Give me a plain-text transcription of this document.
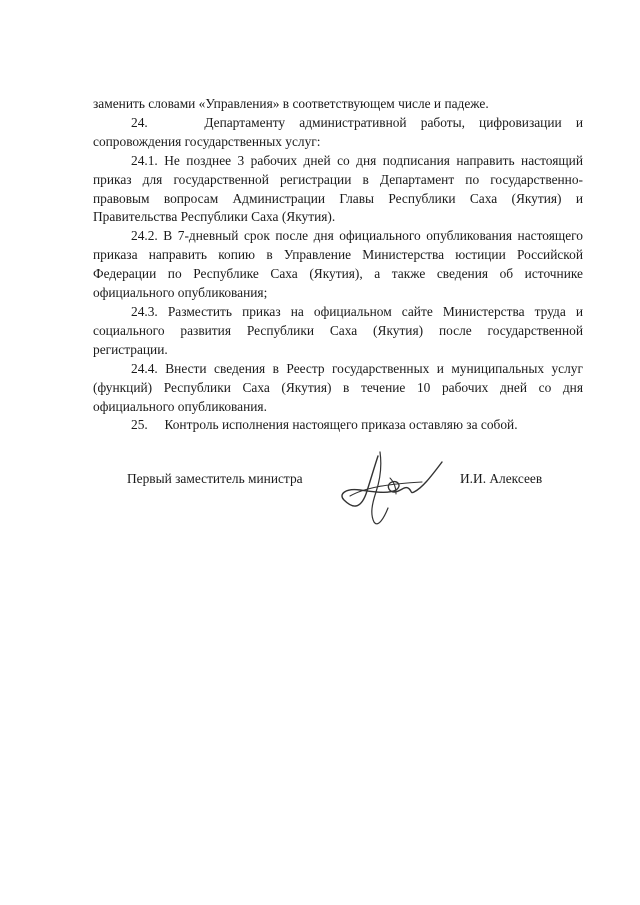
заменить словами «Управления» в соответствующем числе и падеже.

24.    Департаменту административной работы, цифровизации и сопровождения государственных услуг:

24.1. Не позднее 3 рабочих дней со дня подписания направить настоящий приказ для государственной регистрации в Департамент по государственно-правовым вопросам Администрации Главы Республики Саха (Якутия) и Правительства Республики Саха (Якутия).

24.2. В 7-дневный срок после дня официального опубликования настоящего приказа направить копию в Управление Министерства юстиции Российской Федерации по Республике Саха (Якутия), а также сведения об источнике официального опубликования;

24.3. Разместить приказ на официальном сайте Министерства труда и социального развития Республики Саха (Якутия) после государственной регистрации.

24.4. Внести сведения в Реестр государственных и муниципальных услуг (функций) Республики Саха (Якутия) в течение 10 рабочих дней со дня официального опубликования.

25.     Контроль исполнения настоящего приказа оставляю за собой.

Первый заместитель министра	И.И. Алексеев
